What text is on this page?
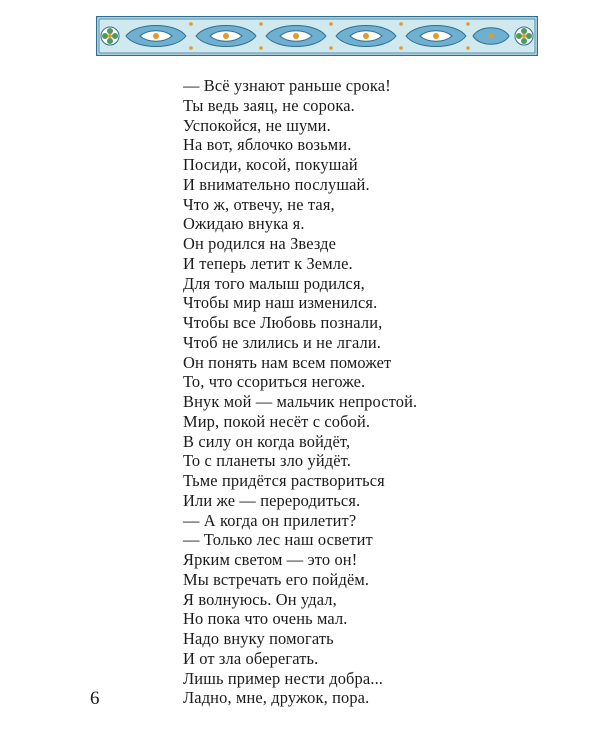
— Всё узнают раньше срока!
Ты ведь заяц, не сорока.
Успокойся, не шуми.
На вот, яблочко возьми.
Посиди, косой, покушай
И внимательно послушай.
Что ж, отвечу, не тая,
Ожидаю внука я.
Он родился на Звезде
И теперь летит к Земле.
Для того малыш родился,
Чтобы мир наш изменился.
Чтобы все Любовь познали,
Чтоб не злились и не лгали.
Он понять нам всем поможет
То, что ссориться негоже.
Внук мой — мальчик непростой.
Мир, покой несёт с собой.
В силу он когда войдёт,
То с планеты зло уйдёт.
Тьме придётся раствориться
Или же — переродиться.
— А когда он прилетит?
— Только лес наш осветит
Ярким светом — это он!
Мы встречать его пойдём.
Я волнуюсь. Он удал,
Но пока что очень мал.
Надо внуку помогать
И от зла оберегать.
Лишь пример нести добра...
Ладно, мне, дружок, пора.
6
